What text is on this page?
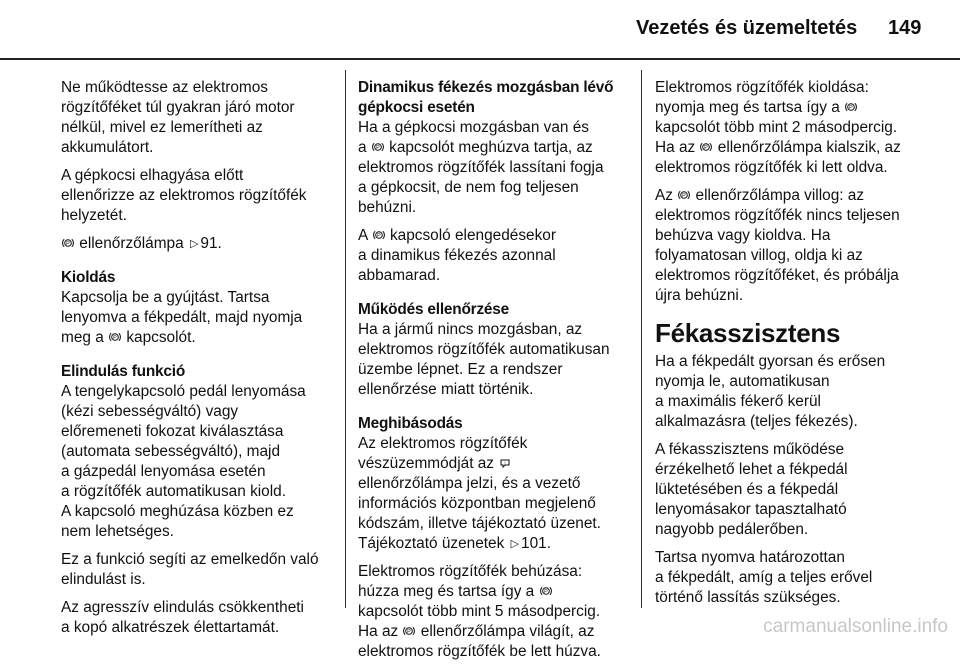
Vezetés és üzemeltetés 149

Ne működtesse az elektromos
rögzítőféket túl gyakran járó motor
nélkül, mivel ez lemerítheti az
akkumulátort.

A gépkocsi elhagyása előtt
ellenőrizze az elektromos rögzítőfék
helyzetét.

P ellenőrzőlámpa ▷ 91.

Kioldás

Kapcsolja be a gyújtást. Tartsa
lenyomva a fékpedált, majd nyomja
meg a P kapcsolót.

Elindulás funkció

A tengelykapcsoló pedál lenyomása
(kézi sebességváltó) vagy
előremeneti fokozat kiválasztása
(automata sebességváltó), majd
a gázpedál lenyomása esetén
a rögzítőfék automatikusan kiold.
A kapcsoló meghúzása közben ez
nem lehetséges.

Ez a funkció segíti az emelkedőn való
elindulást is.

Az agresszív elindulás csökkentheti
a kopó alkatrészek élettartamát.

Dinamikus fékezés mozgásban lévő
gépkocsi esetén

Ha a gépkocsi mozgásban van és
a P kapcsolót meghúzva tartja, az
elektromos rögzítőfék lassítani fogja
a gépkocsit, de nem fog teljesen
behúzni.

A P kapcsoló elengedésekor
a dinamikus fékezés azonnal
abbamarad.

Működés ellenőrzése

Ha a jármű nincs mozgásban, az
elektromos rögzítőfék automatikusan
üzembe lépnet. Ez a rendszer
ellenőrzése miatt történik.

Meghibásodás

Az elektromos rögzítőfék
vészüzemmódját az !

ellenőrzőlámpa jelzi, és a vezető
információs központban megjelenő
kódszám, illetve tájékoztató üzenet.
Tájékoztató üzenetek ▷ 101.

Elektromos rögzítőfék behúzása:
húzza meg és tartsa így a P

kapcsolót több mint 5 másodpercig.
Ha az P ellenőrzőlámpa világít, az
elektromos rögzítőfék be lett húzva.

Elektromos rögzítőfék kioldása:
nyomja meg és tartsa így a P

kapcsolót több mint 2 másodpercig.
Ha az P ellenőrzőlámpa kialszik, az
elektromos rögzítőfék ki lett oldva.

Az P ellenőrzőlámpa villog: az
elektromos rögzítőfék nincs teljesen
behúzva vagy kioldva. Ha
folyamatosan villog, oldja ki az
elektromos rögzítőféket, és próbálja
újra behúzni.

Fékasszisztens

Ha a fékpedált gyorsan és erősen
nyomja le, automatikusan
a maximális fékerő kerül
alkalmazásra (teljes fékezés).

A fékasszisztens működése
érzékelhető lehet a fékpedál
lüktetésében és a fékpedál
lenyomásakor tapasztalható
nagyobb pedálerőben.

Tartsa nyomva határozottan
a fékpedált, amíg a teljes erővel
történő lassítás szükséges.

carmanualsonline.info
